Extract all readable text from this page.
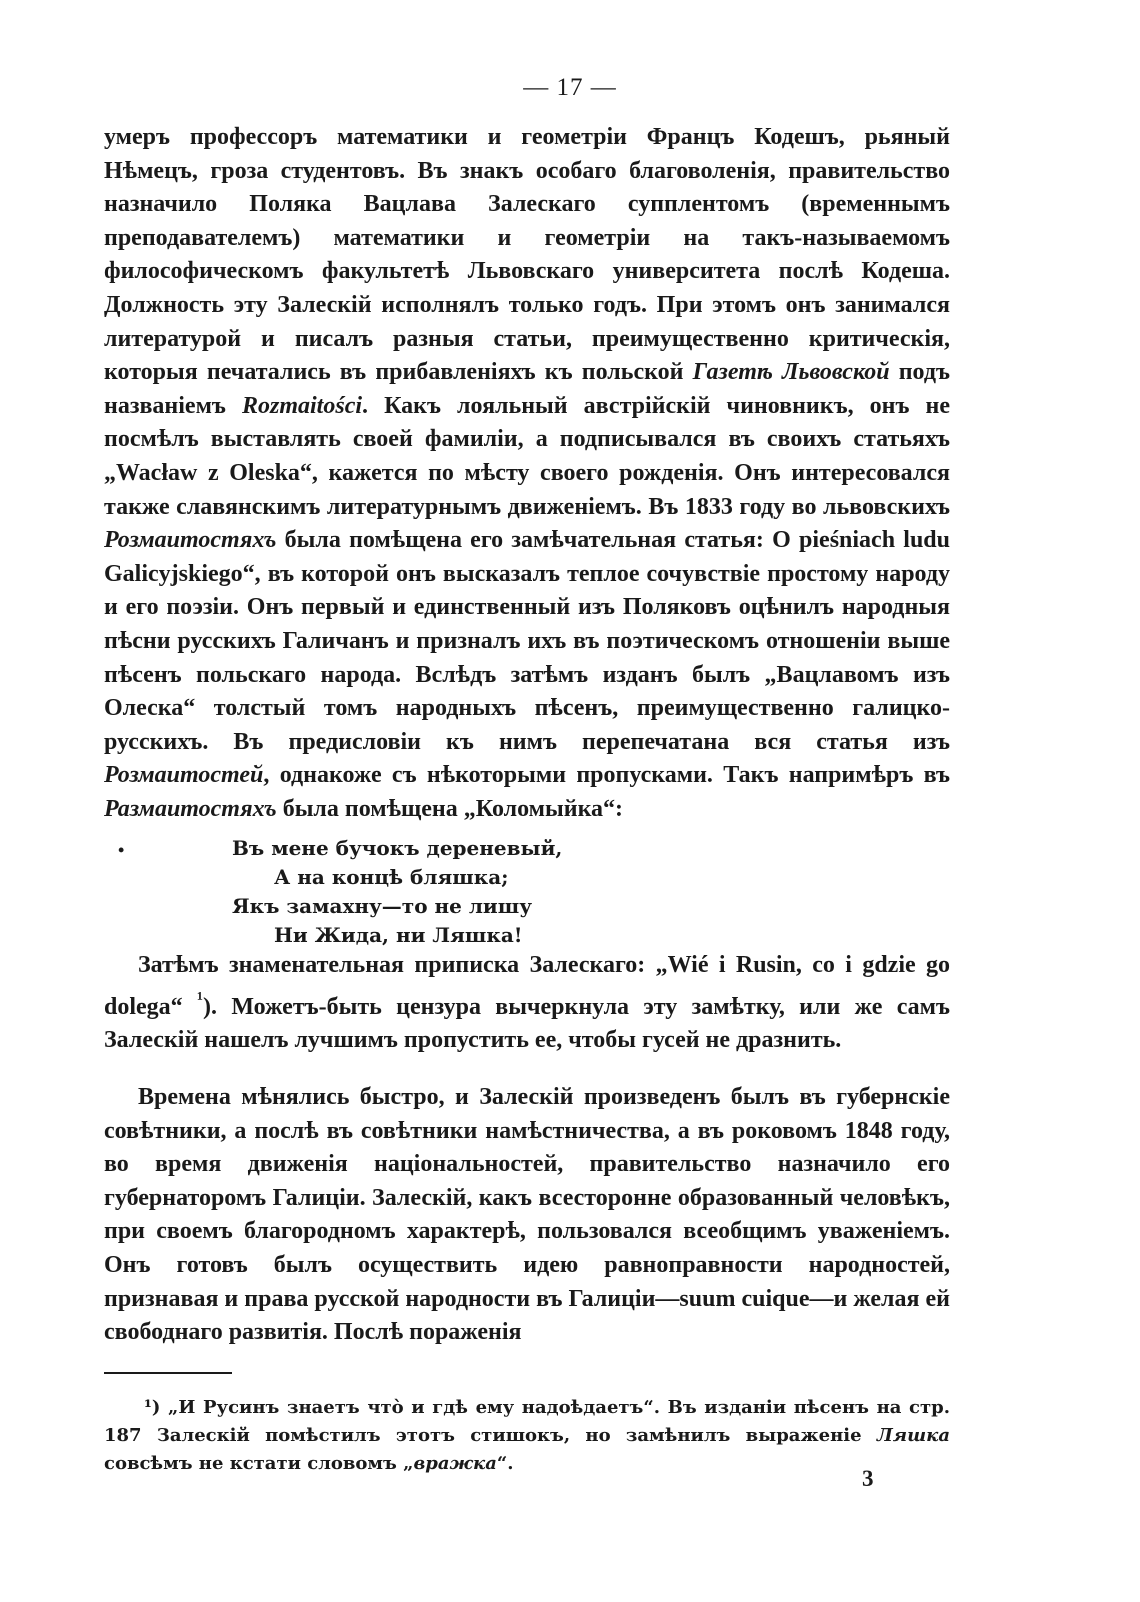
— 17 —

умеръ профессоръ математики и геометріи Францъ Кодешъ, рьяный Нѣмецъ, гроза студентовъ. Въ знакъ особаго благоволенія, правительство назначило Поляка Вацлава Залескаго супплентомъ (временнымъ преподавателемъ) математики и геометріи на такъ-называемомъ философическомъ факультетѣ Львовскаго университета послѣ Кодеша. Должность эту Залескій исполнялъ только годъ. При этомъ онъ занимался литературой и писалъ разныя статьи, преимущественно критическія, которыя печатались въ прибавленіяхъ къ польской Газетѣ Львовской подъ названіемъ Rozmaitości. Какъ лояльный австрійскій чиновникъ, онъ не посмѣлъ выставлять своей фамиліи, а подписывался въ своихъ статьяхъ „Wacław z Oleska“, кажется по мѣсту своего рожденія. Онъ интересовался также славянскимъ литературнымъ движеніемъ. Въ 1833 году во львовскихъ Розмаитостяхъ была помѣщена его замѣчательная статья: O pieśniach ludu Galicyjskiego“, въ которой онъ высказалъ теплое сочувствіе простому народу и его поэзіи. Онъ первый и единственный изъ Поляковъ оцѣнилъ народныя пѣсни русскихъ Галичанъ и призналъ ихъ въ поэтическомъ отношеніи выше пѣсенъ польскаго народа. Вслѣдъ затѣмъ изданъ былъ „Вацлавомъ изъ Олеска“ толстый томъ народныхъ пѣсенъ, преимущественно галицко-русскихъ. Въ предисловіи къ нимъ перепечатана вся статья изъ Розмаитостей, однакоже съ нѣкоторыми пропусками. Такъ напримѣръ въ Размаитостяхъ была помѣщена „Коломыйка“:

•	Въ мене бучокъ дереневый,
А на концѣ бляшка;
Якъ замахну—то не лишу
Ни Жида, ни Ляшка!

Затѣмъ знаменательная приписка Залескаго: „Wié i Rusin, co i gdzie go dolega“ $^{^1}$). Можетъ-быть цензура вычеркнула эту замѣтку, или же самъ Залескій нашелъ лучшимъ пропустить ее, чтобы гусей не дразнить.

Времена мѣнялись быстро, и Залескій произведенъ былъ въ губернскіе совѣтники, а послѣ въ совѣтники намѣстничества, а въ роковомъ 1848 году, во время движенія національностей, правительство назначило его губернаторомъ Галиціи. Залескій, какъ всесторонне образованный человѣкъ, при своемъ благородномъ характерѣ, пользовался всеобщимъ уваженіемъ. Онъ готовъ былъ осуществить идею равноправности народностей, признавая и права русской народности въ Галиціи—suum cuique—и желая ей свободнаго развитія. Послѣ пораженія

¹) „И Русинъ знаетъ что̀ и гдѣ ему надоѣдаетъ“. Въ изданіи пѣсенъ на стр. 187 Залескій помѣстилъ этотъ стишокъ, но замѣнилъ выраженіе Ляшка совсѣмъ не кстати словомъ „вражка“.

3
